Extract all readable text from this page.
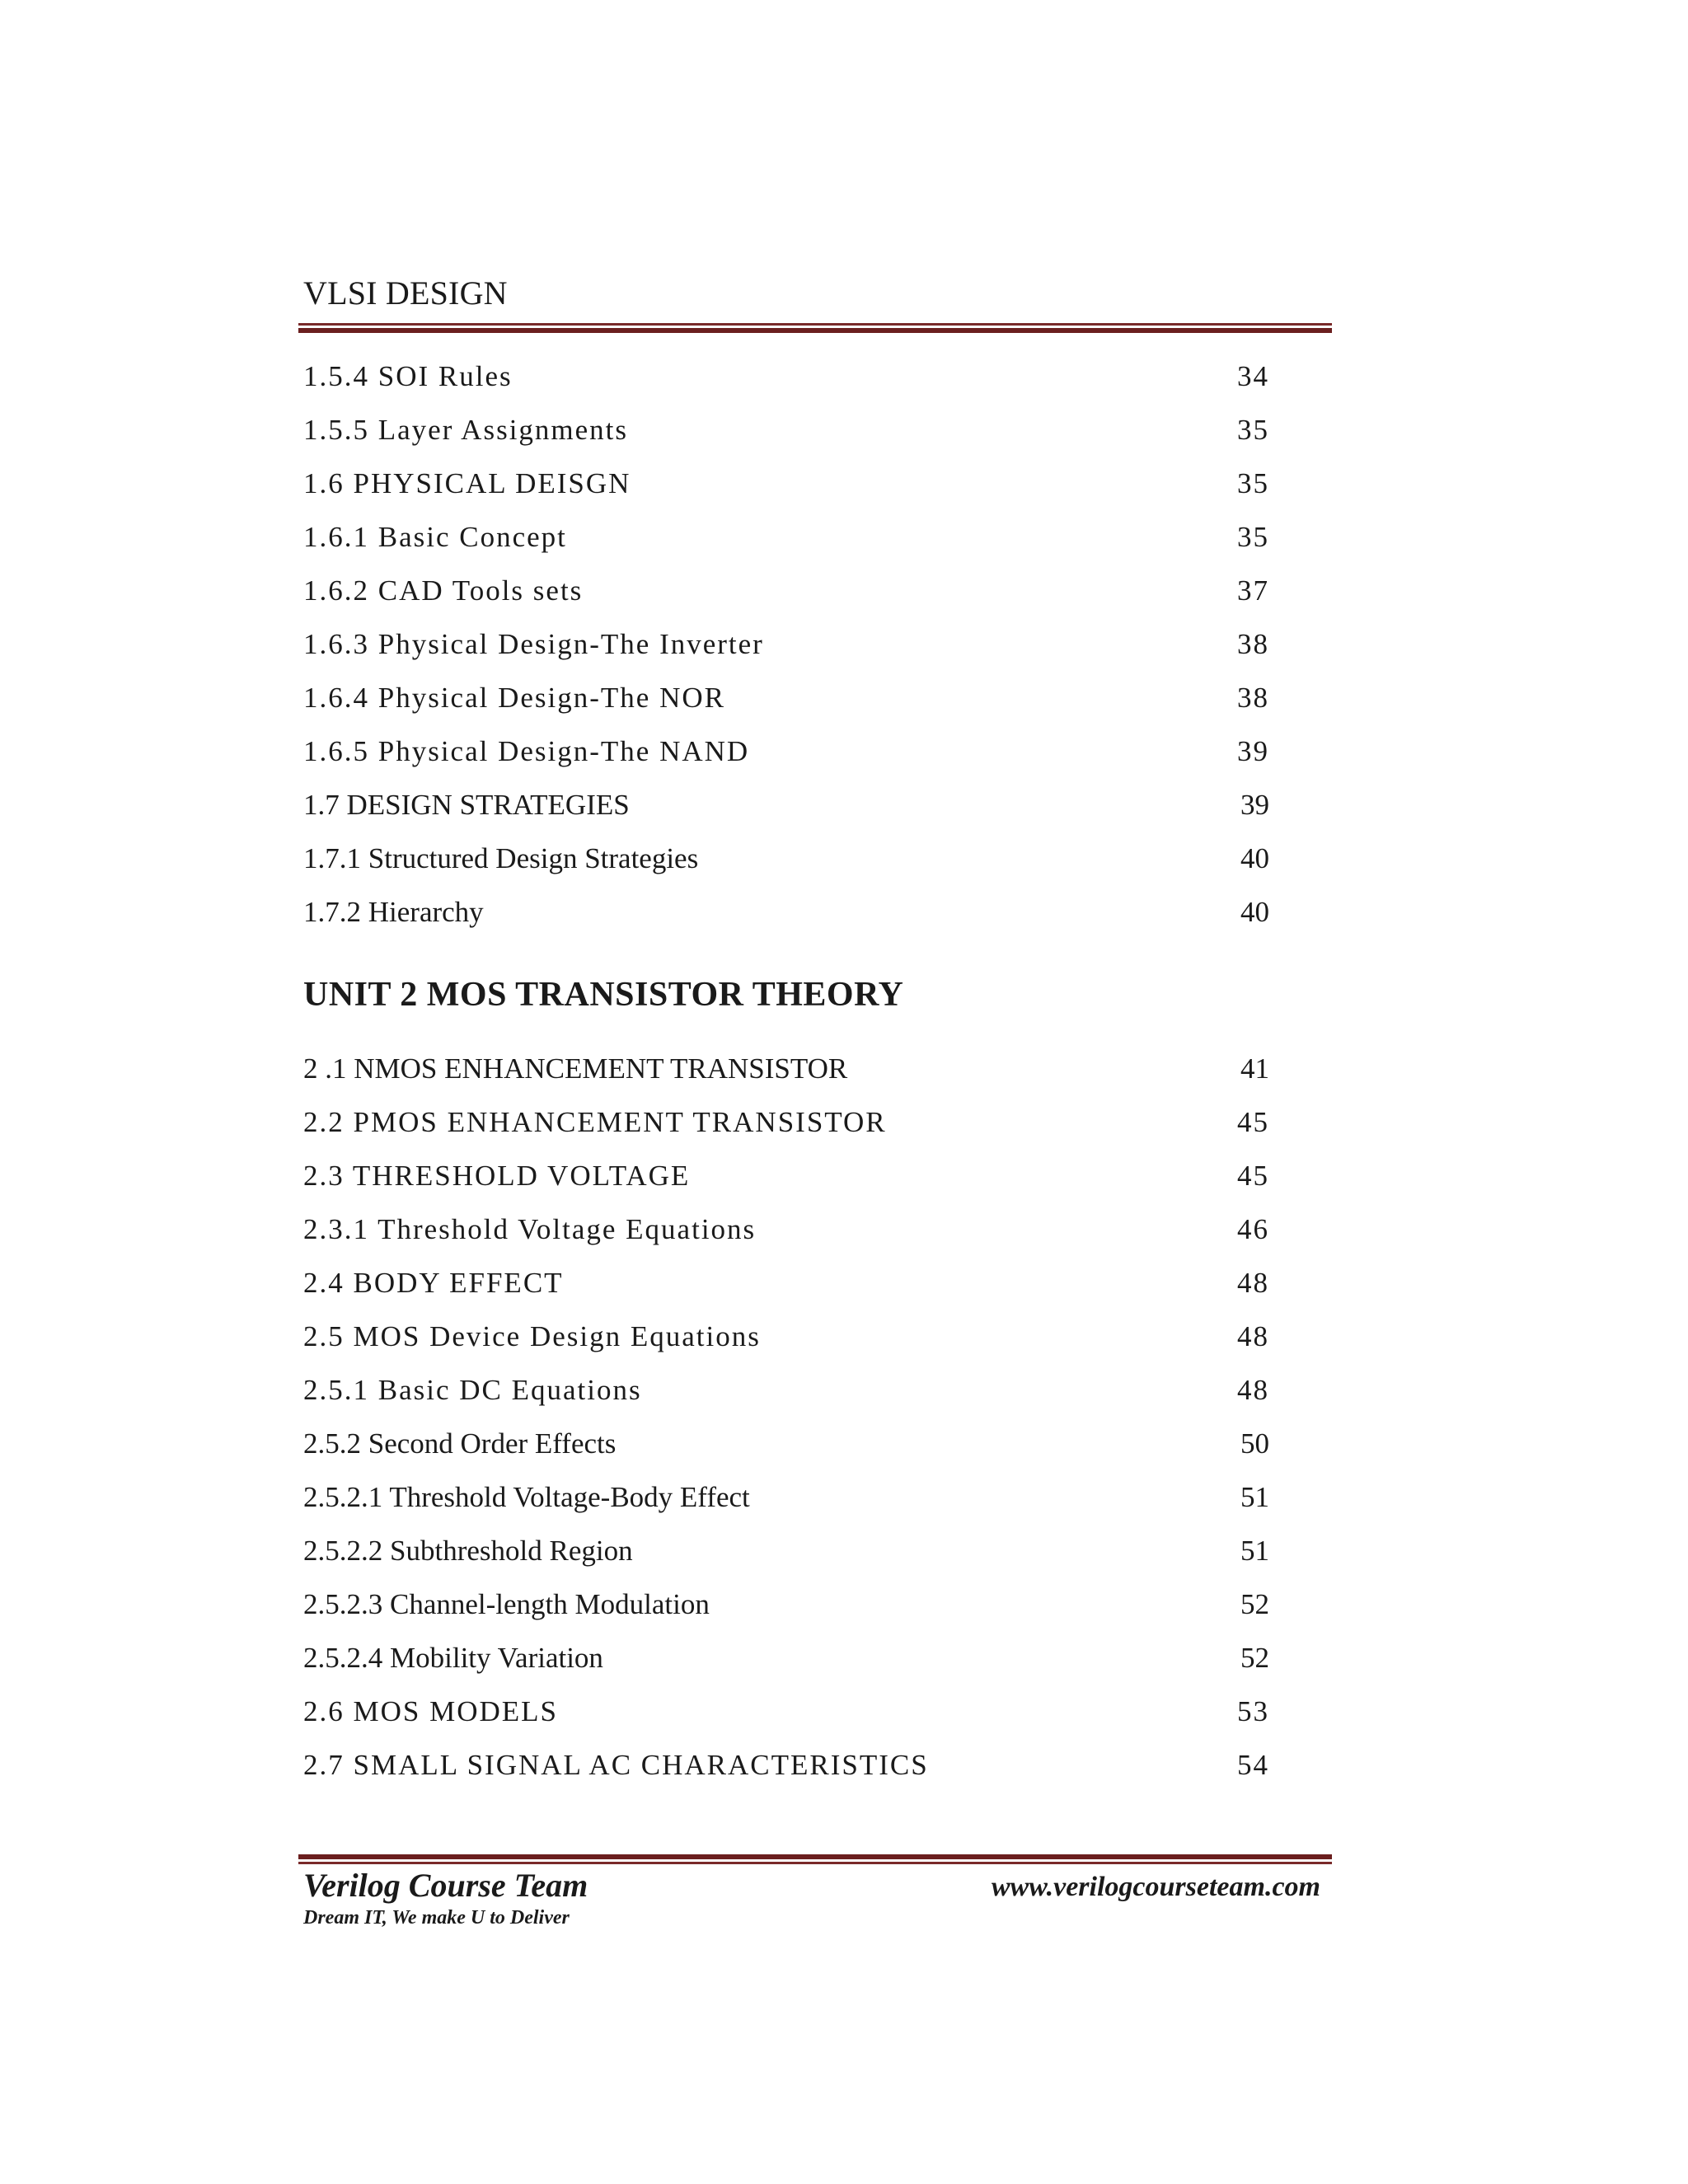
VLSI DESIGN
1.5.4 SOI Rules	34
1.5.5 Layer Assignments	35
1.6 PHYSICAL DEISGN	35
1.6.1 Basic Concept	35
1.6.2 CAD Tools sets	37
1.6.3 Physical Design-The Inverter	38
1.6.4 Physical Design-The NOR	38
1.6.5 Physical Design-The NAND	39
1.7 DESIGN STRATEGIES	39
1.7.1 Structured Design Strategies	40
1.7.2 Hierarchy	40
UNIT 2 MOS TRANSISTOR THEORY
2 .1 NMOS ENHANCEMENT TRANSISTOR	41
2.2 PMOS ENHANCEMENT TRANSISTOR	45
2.3 THRESHOLD VOLTAGE	45
2.3.1 Threshold Voltage Equations	46
2.4 BODY EFFECT	48
2.5 MOS Device Design Equations	48
2.5.1 Basic DC Equations	48
2.5.2 Second Order Effects	50
2.5.2.1 Threshold Voltage-Body Effect	51
2.5.2.2 Subthreshold Region	51
2.5.2.3 Channel-length Modulation	52
2.5.2.4 Mobility Variation	52
2.6 MOS MODELS	53
2.7 SMALL SIGNAL AC CHARACTERISTICS	54
Verilog Course Team
Dream IT, We make U to Deliver
www.verilogcourseteam.com
